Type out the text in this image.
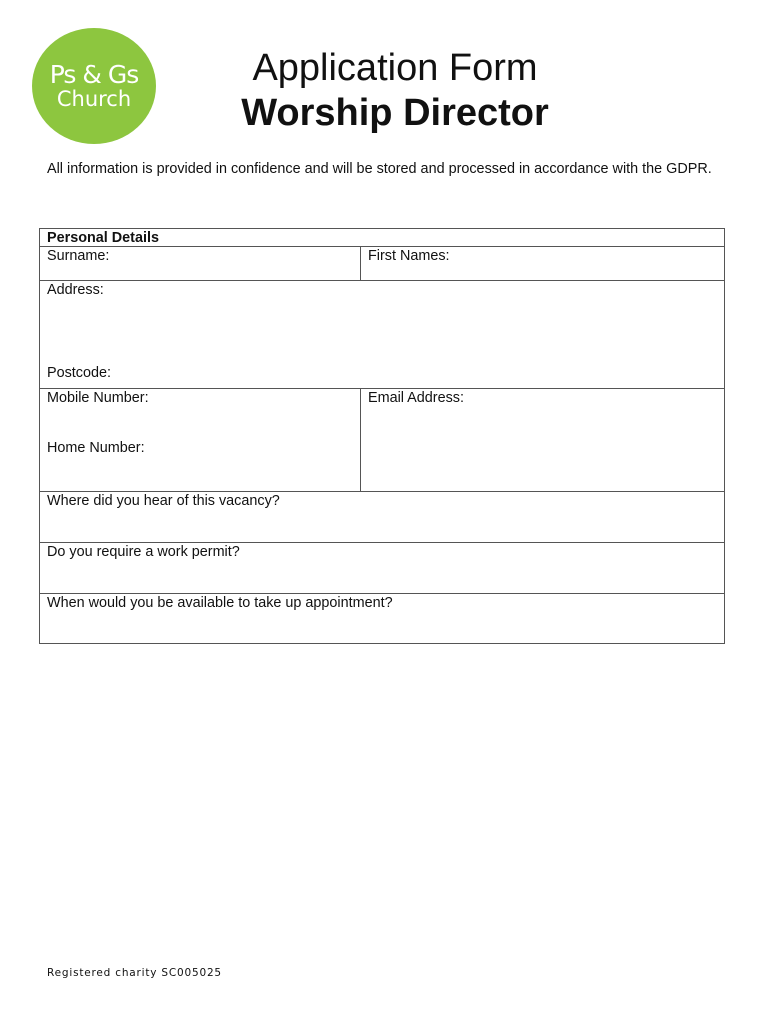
Ps & Gs
Church
Application Form
Worship Director
All information is provided in confidence and will be stored and processed in accordance with the GDPR.
Personal Details
Surname:	First Names:
Address:
Postcode:
Mobile Number:
Home Number:
Email Address:
Where did you hear of this vacancy?
Do you require a work permit?
When would you be available to take up appointment?
Registered charity SC005025
